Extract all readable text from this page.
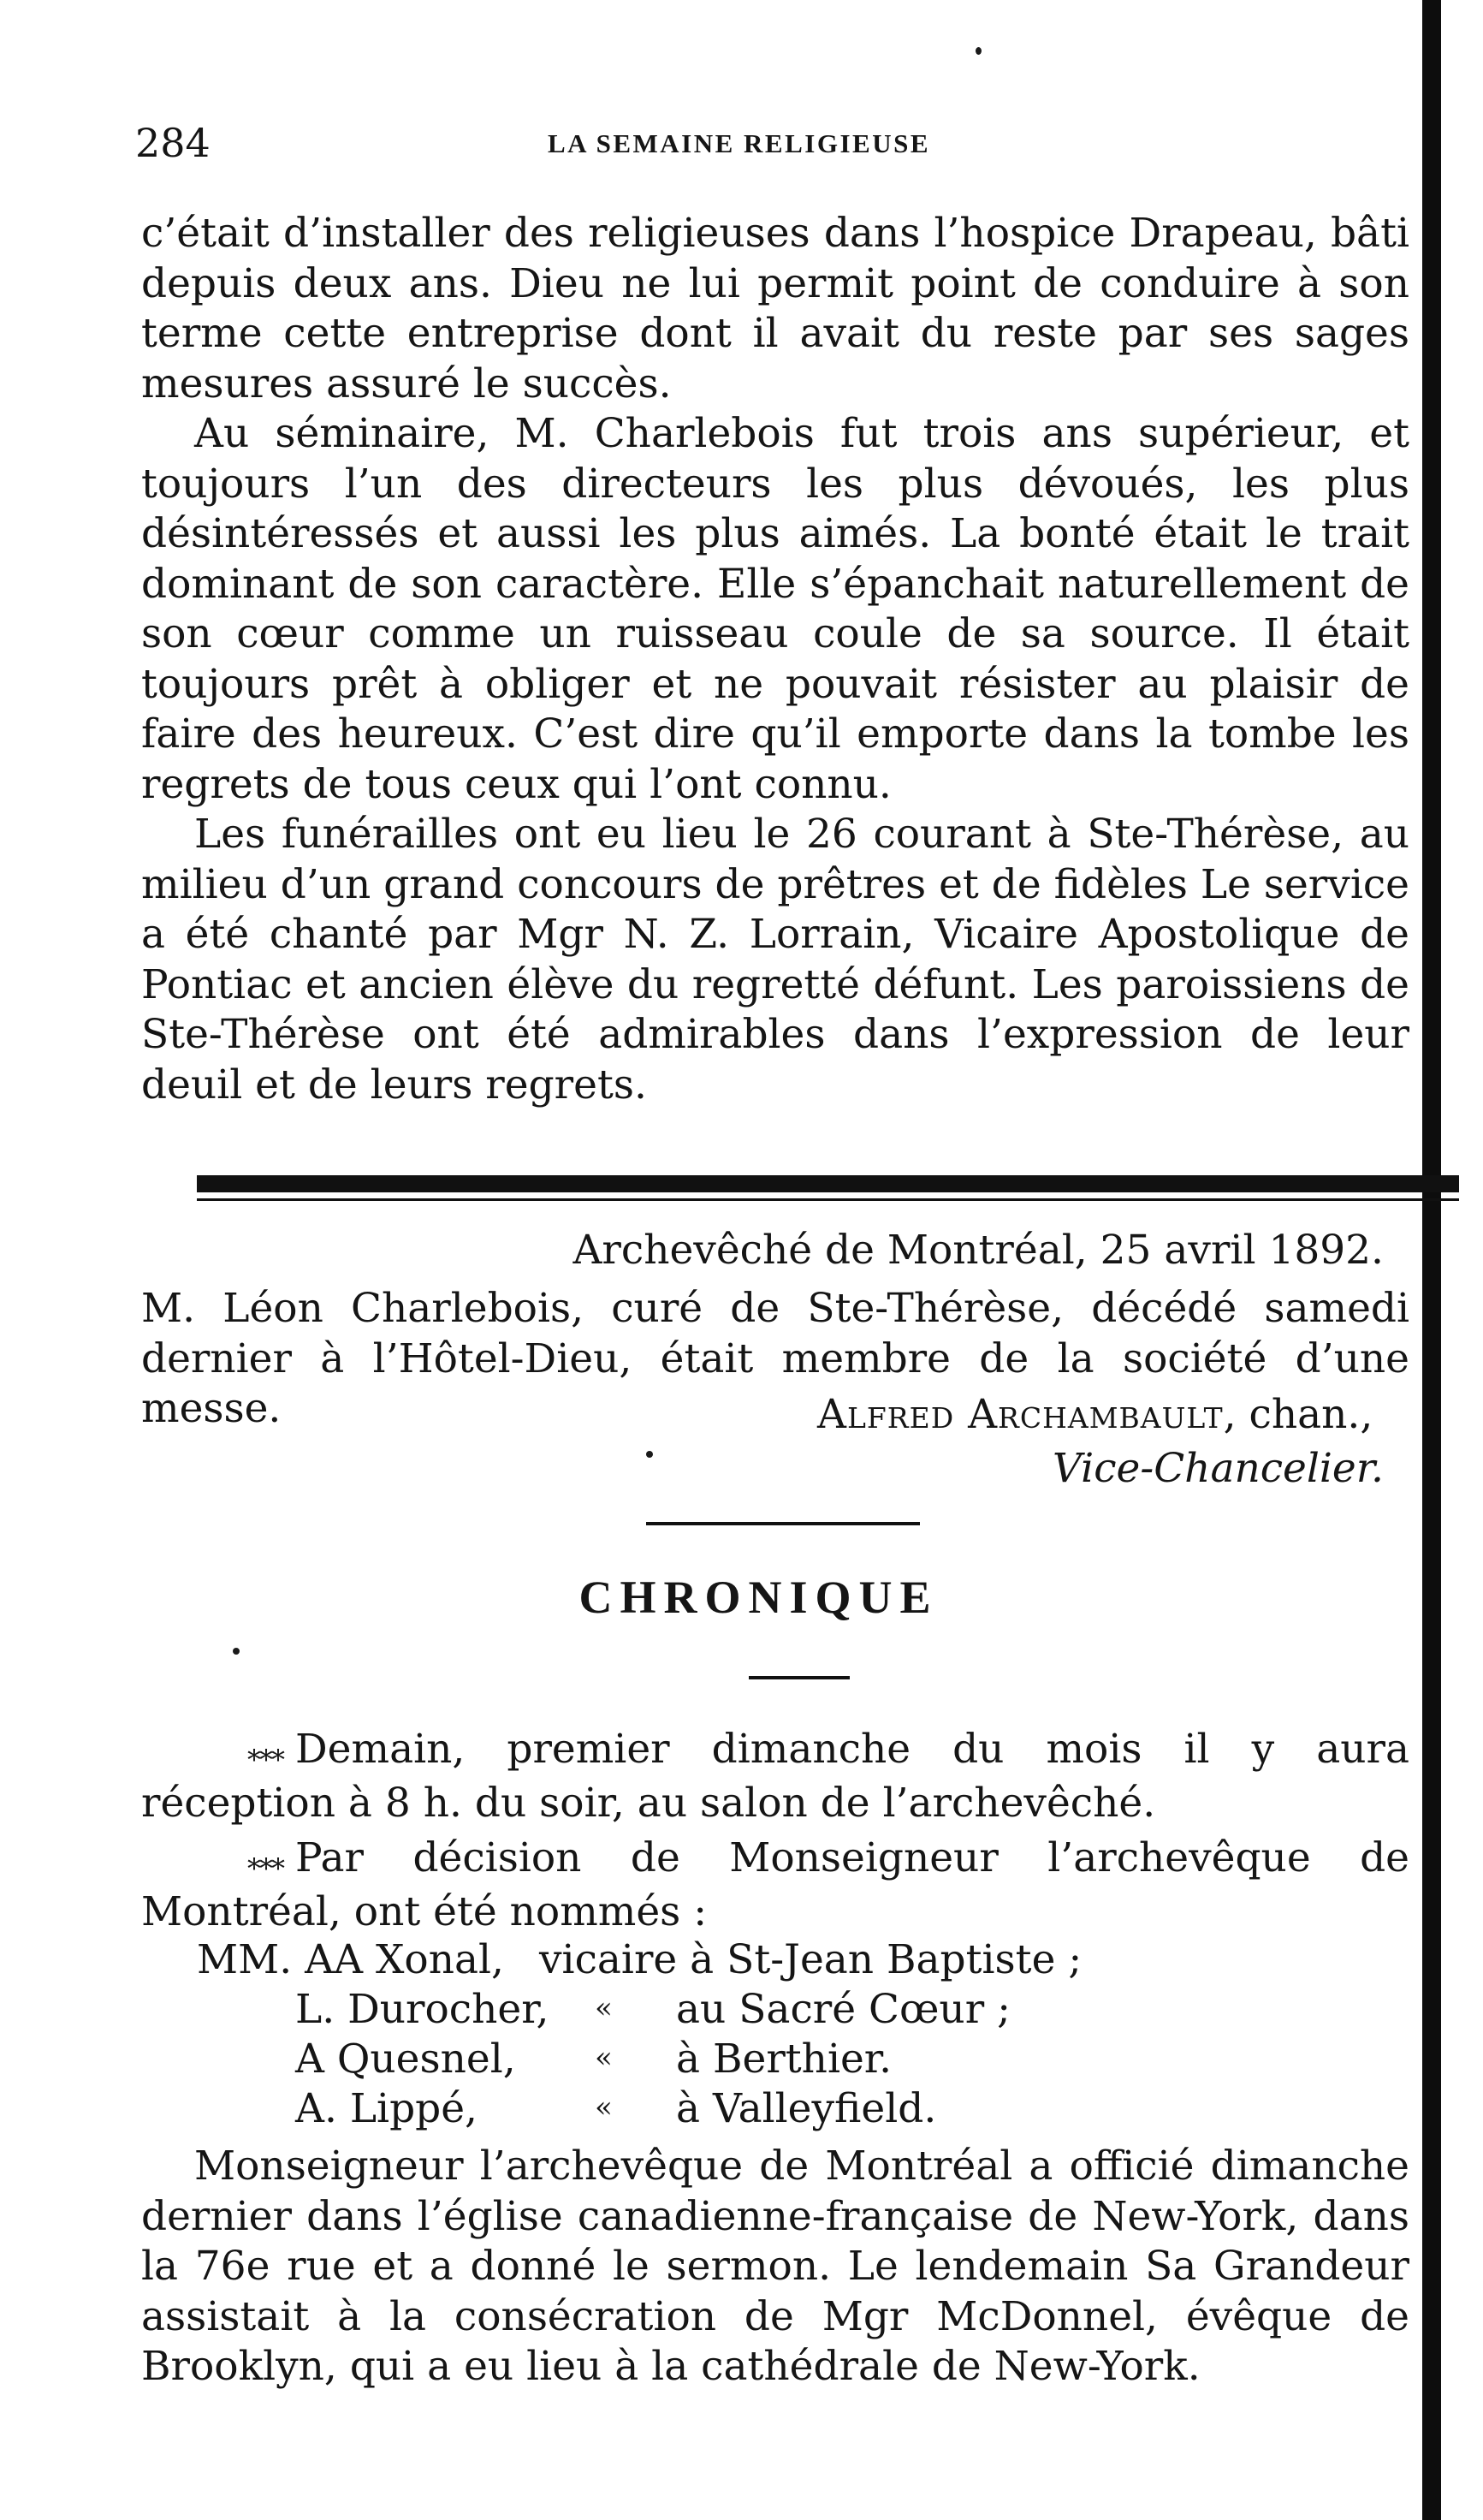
284	LA SEMAINE RELIGIEUSE

c’était d’installer des religieuses dans l’hospice Drapeau, bâti depuis deux ans. Dieu ne lui permit point de conduire à son terme cette entreprise dont il avait du reste par ses sages mesures assuré le succès.

Au séminaire, M. Charlebois fut trois ans supérieur, et toujours l’un des directeurs les plus dévoués, les plus désintéressés et aussi les plus aimés. La bonté était le trait dominant de son caractère. Elle s’épanchait naturellement de son cœur comme un ruisseau coule de sa source. Il était toujours prêt à obliger et ne pouvait résister au plaisir de faire des heureux. C’est dire qu’il emporte dans la tombe les regrets de tous ceux qui l’ont connu.

Les funérailles ont eu lieu le 26 courant à Ste-Thérèse, au milieu d’un grand concours de prêtres et de fidèles Le service a été chanté par Mgr N. Z. Lorrain, Vicaire Apostolique de Pontiac et ancien élève du regretté défunt. Les paroissiens de Ste-Thérèse ont été admirables dans l’expression de leur deuil et de leurs regrets.

Archevêché de Montréal, 25 avril 1892.

M. Léon Charlebois, curé de Ste-Thérèse, décédé samedi dernier à l’Hôtel-Dieu, était membre de la société d’une messe.	Alfred Archambault, chan.,

Vice-Chancelier.

CHRONIQUE

*** Demain, premier dimanche du mois il y aura réception à 8 h. du soir, au salon de l’archevêché.

*** Par décision de Monseigneur l’archevêque de Montréal, ont été nommés :

MM. AA Xonal, vicaire à St-Jean Baptiste ;
L. Durocher, « au Sacré Cœur ;
A Quesnel,	« à Berthier.
A. Lippé,	« à Valleyfield.

Monseigneur l’archevêque de Montréal a officié dimanche dernier dans l’église canadienne-française de New-York, dans la 76e rue et a donné le sermon. Le lendemain Sa Grandeur assistait à la consécration de Mgr McDonnel, évêque de Brooklyn, qui a eu lieu à la cathédrale de New-York.
